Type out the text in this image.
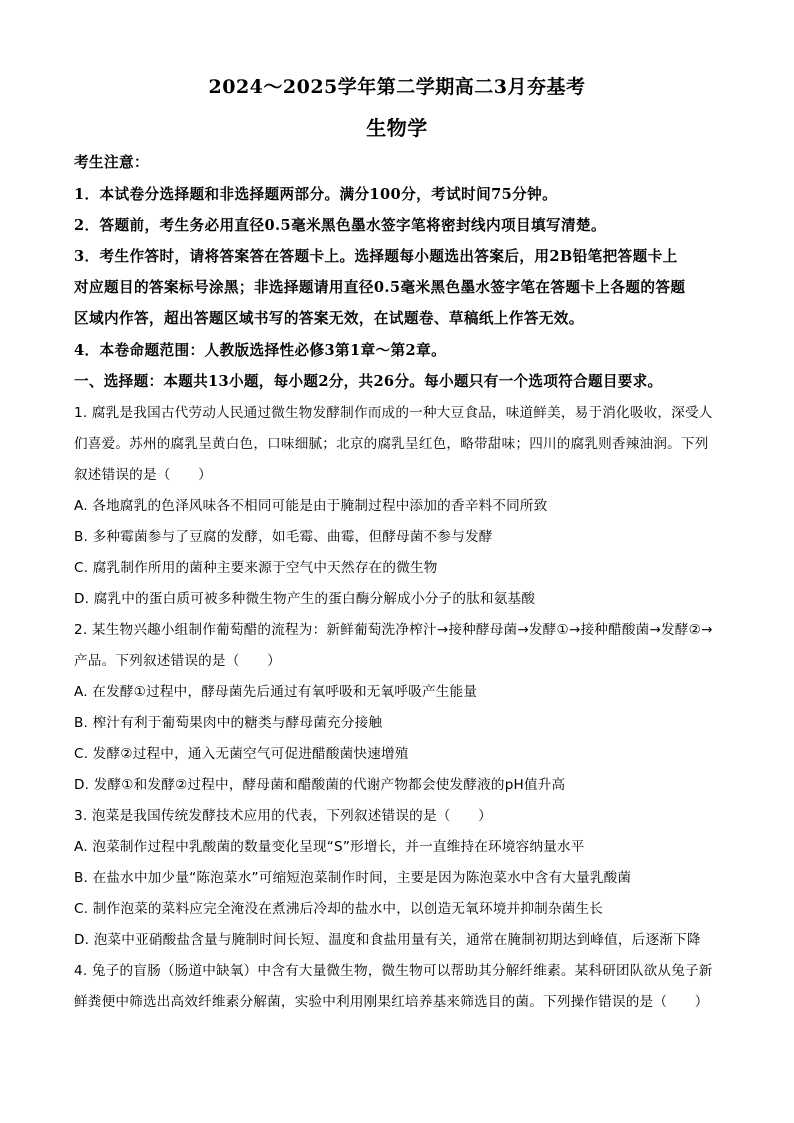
2024～2025学年第二学期高二3月夯基考
生物学
考生注意：
1．本试卷分选择题和非选择题两部分。满分100分，考试时间75分钟。
2．答题前，考生务必用直径0.5毫米黑色墨水签字笔将密封线内项目填写清楚。
3．考生作答时，请将答案答在答题卡上。选择题每小题选出答案后，用2B铅笔把答题卡上
对应题目的答案标号涂黑；非选择题请用直径0.5毫米黑色墨水签字笔在答题卡上各题的答题
区域内作答，超出答题区域书写的答案无效，在试题卷、草稿纸上作答无效。
4．本卷命题范围：人教版选择性必修3第1章～第2章。
一、选择题：本题共13小题，每小题2分，共26分。每小题只有一个选项符合题目要求。
1. 腐乳是我国古代劳动人民通过微生物发酵制作而成的一种大豆食品，味道鲜美，易于消化吸收，深受人
们喜爱。苏州的腐乳呈黄白色，口味细腻；北京的腐乳呈红色，略带甜味；四川的腐乳则香辣油润。下列
叙述错误的是（　　）
A. 各地腐乳的色泽风味各不相同可能是由于腌制过程中添加的香辛料不同所致
B. 多种霉菌参与了豆腐的发酵，如毛霉、曲霉，但酵母菌不参与发酵
C. 腐乳制作所用的菌种主要来源于空气中天然存在的微生物
D. 腐乳中的蛋白质可被多种微生物产生的蛋白酶分解成小分子的肽和氨基酸
2. 某生物兴趣小组制作葡萄醋的流程为：新鲜葡萄洗净榨汁→接种酵母菌→发酵①→接种醋酸菌→发酵②→
产品。下列叙述错误的是（　　）
A. 在发酵①过程中，酵母菌先后通过有氧呼吸和无氧呼吸产生能量
B. 榨汁有利于葡萄果肉中的糖类与酵母菌充分接触
C. 发酵②过程中，通入无菌空气可促进醋酸菌快速增殖
D. 发酵①和发酵②过程中，酵母菌和醋酸菌的代谢产物都会使发酵液的pH值升高
3. 泡菜是我国传统发酵技术应用的代表，下列叙述错误的是（　　）
A. 泡菜制作过程中乳酸菌的数量变化呈现“S”形增长，并一直维持在环境容纳量水平
B. 在盐水中加少量“陈泡菜水”可缩短泡菜制作时间，主要是因为陈泡菜水中含有大量乳酸菌
C. 制作泡菜的菜料应完全淹没在煮沸后冷却的盐水中，以创造无氧环境并抑制杂菌生长
D. 泡菜中亚硝酸盐含量与腌制时间长短、温度和食盐用量有关，通常在腌制初期达到峰值，后逐渐下降
4. 兔子的盲肠（肠道中缺氧）中含有大量微生物，微生物可以帮助其分解纤维素。某科研团队欲从兔子新
鲜粪便中筛选出高效纤维素分解菌，实验中利用刚果红培养基来筛选目的菌。下列操作错误的是（　　）
